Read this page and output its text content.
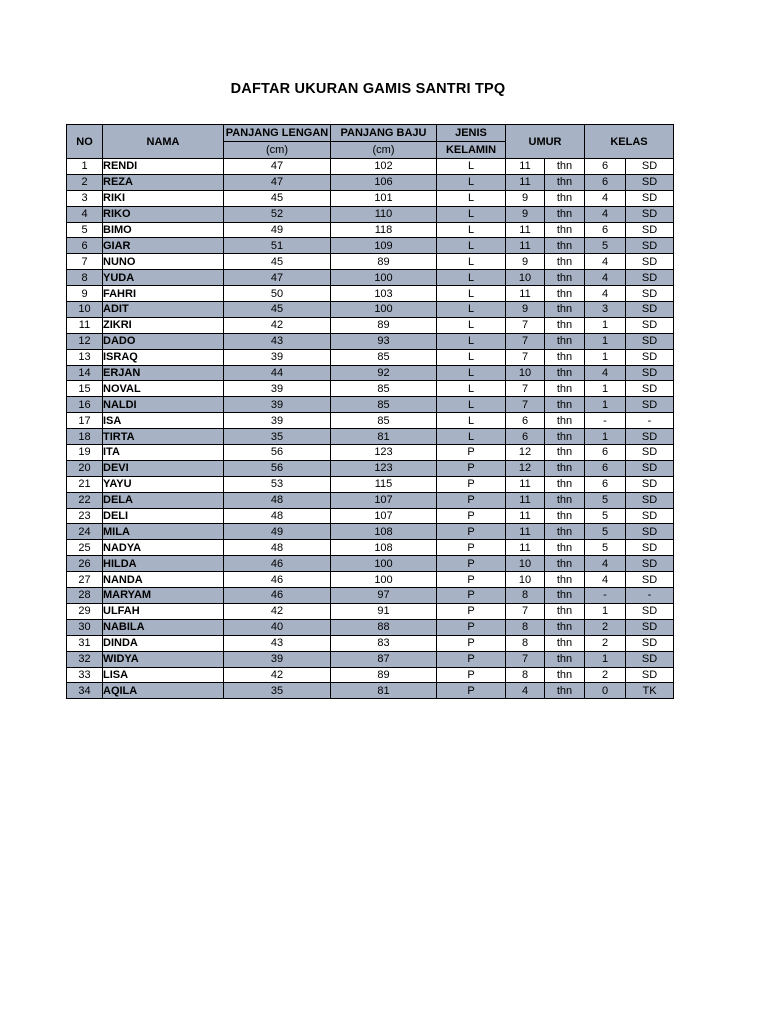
DAFTAR UKURAN GAMIS SANTRI TPQ
NO	NAMA	PANJANG LENGAN	PANJANG BAJU	JENIS	UMUR		KELAS	
		(cm)	(cm)	KELAMIN				
1	RENDI	47	102	L	11	thn	6	SD
2	REZA	47	106	L	11	thn	6	SD
3	RIKI	45	101	L	9	thn	4	SD
4	RIKO	52	110	L	9	thn	4	SD
5	BIMO	49	118	L	11	thn	6	SD
6	GIAR	51	109	L	11	thn	5	SD
7	NUNO	45	89	L	9	thn	4	SD
8	YUDA	47	100	L	10	thn	4	SD
9	FAHRI	50	103	L	11	thn	4	SD
10	ADIT	45	100	L	9	thn	3	SD
11	ZIKRI	42	89	L	7	thn	1	SD
12	DADO	43	93	L	7	thn	1	SD
13	ISRAQ	39	85	L	7	thn	1	SD
14	ERJAN	44	92	L	10	thn	4	SD
15	NOVAL	39	85	L	7	thn	1	SD
16	NALDI	39	85	L	7	thn	1	SD
17	ISA	39	85	L	6	thn	-	-
18	TIRTA	35	81	L	6	thn	1	SD
19	ITA	56	123	P	12	thn	6	SD
20	DEVI	56	123	P	12	thn	6	SD
21	YAYU	53	115	P	11	thn	6	SD
22	DELA	48	107	P	11	thn	5	SD
23	DELI	48	107	P	11	thn	5	SD
24	MILA	49	108	P	11	thn	5	SD
25	NADYA	48	108	P	11	thn	5	SD
26	HILDA	46	100	P	10	thn	4	SD
27	NANDA	46	100	P	10	thn	4	SD
28	MARYAM	46	97	P	8	thn	-	-
29	ULFAH	42	91	P	7	thn	1	SD
30	NABILA	40	88	P	8	thn	2	SD
31	DINDA	43	83	P	8	thn	2	SD
32	WIDYA	39	87	P	7	thn	1	SD
33	LISA	42	89	P	8	thn	2	SD
34	AQILA	35	81	P	4	thn	0	TK
